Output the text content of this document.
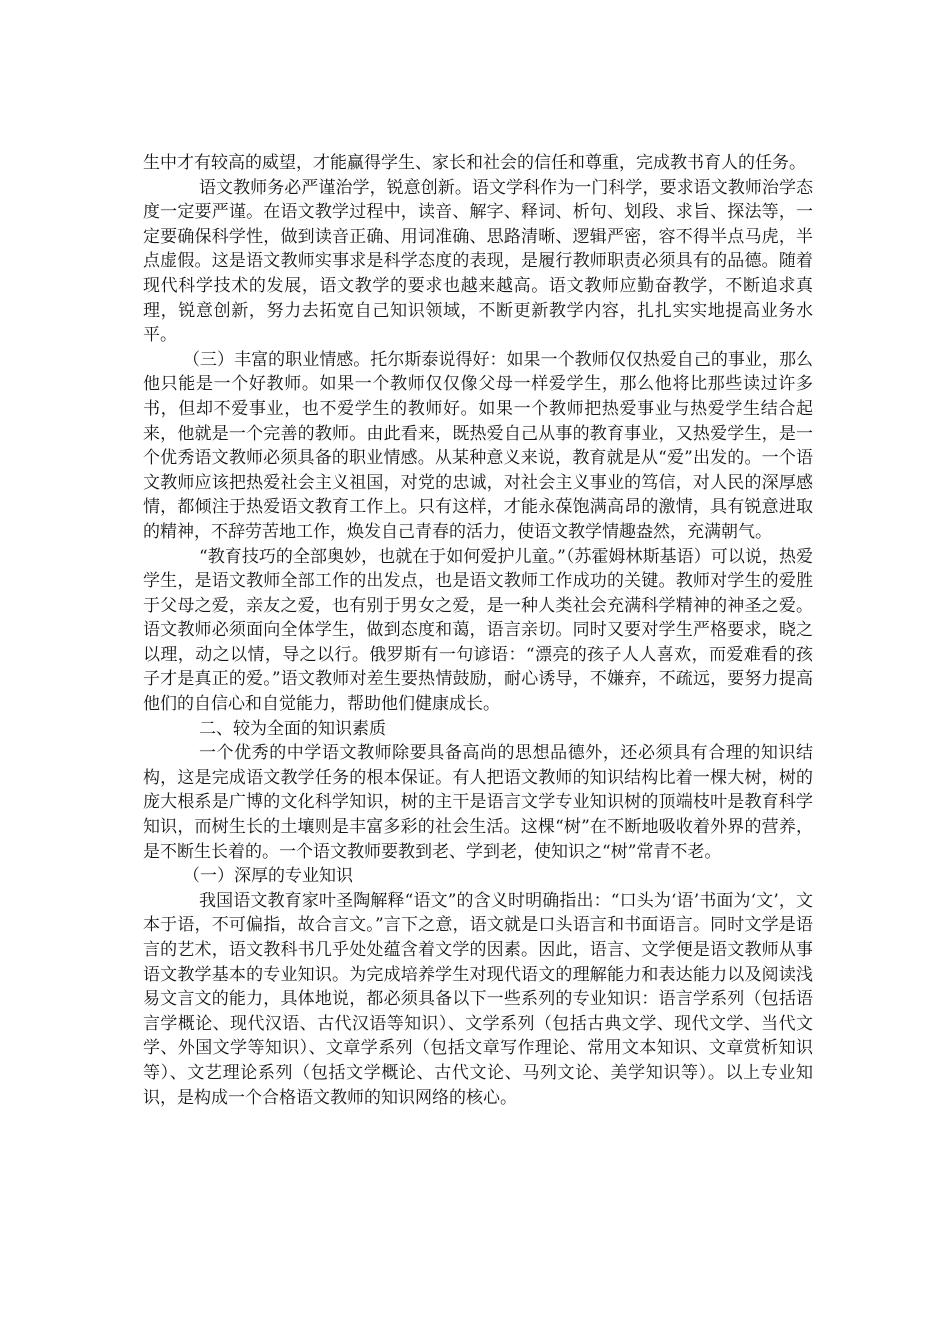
生中才有较高的威望，才能赢得学生、家长和社会的信任和尊重，完成教书育人的任务。

语文教师务必严谨治学，锐意创新。语文学科作为一门科学，要求语文教师治学态度一定要严谨。在语文教学过程中，读音、解字、释词、析句、划段、求旨、探法等，一定要确保科学性，做到读音正确、用词准确、思路清晰、逻辑严密，容不得半点马虎，半点虚假。这是语文教师实事求是科学态度的表现，是履行教师职责必须具有的品德。随着现代科学技术的发展，语文教学的要求也越来越高。语文教师应勤奋教学，不断追求真理，锐意创新，努力去拓宽自己知识领域，不断更新教学内容，扎扎实实地提高业务水平。

（三）丰富的职业情感。托尔斯泰说得好：如果一个教师仅仅热爱自己的事业，那么他只能是一个好教师。如果一个教师仅仅像父母一样爱学生，那么他将比那些读过许多书，但却不爱事业，也不爱学生的教师好。如果一个教师把热爱事业与热爱学生结合起来，他就是一个完善的教师。由此看来，既热爱自己从事的教育事业，又热爱学生，是一个优秀语文教师必须具备的职业情感。从某种意义来说，教育就是从“爱”出发的。一个语文教师应该把热爱社会主义祖国，对党的忠诚，对社会主义事业的笃信，对人民的深厚感情，都倾注于热爱语文教育工作上。只有这样，才能永葆饱满高昂的激情，具有锐意进取的精神，不辞劳苦地工作，焕发自己青春的活力，使语文教学情趣盎然，充满朝气。

“教育技巧的全部奥妙，也就在于如何爱护儿童。”（苏霍姆林斯基语）可以说，热爱学生，是语文教师全部工作的出发点，也是语文教师工作成功的关键。教师对学生的爱胜于父母之爱，亲友之爱，也有别于男女之爱，是一种人类社会充满科学精神的神圣之爱。语文教师必须面向全体学生，做到态度和蔼，语言亲切。同时又要对学生严格要求，晓之以理，动之以情，导之以行。俄罗斯有一句谚语：“漂亮的孩子人人喜欢，而爱难看的孩子才是真正的爱。”语文教师对差生要热情鼓励，耐心诱导，不嫌弃，不疏远，要努力提高他们的自信心和自觉能力，帮助他们健康成长。

二、较为全面的知识素质

一个优秀的中学语文教师除要具备高尚的思想品德外，还必须具有合理的知识结构，这是完成语文教学任务的根本保证。有人把语文教师的知识结构比着一棵大树，树的庞大根系是广博的文化科学知识，树的主干是语言文学专业知识树的顶端枝叶是教育科学知识，而树生长的土壤则是丰富多彩的社会生活。这棵“树”在不断地吸收着外界的营养，是不断生长着的。一个语文教师要教到老、学到老，使知识之“树”常青不老。

（一）深厚的专业知识

我国语文教育家叶圣陶解释“语文”的含义时明确指出：“口头为‘语’书面为‘文’，文本于语，不可偏指，故合言文。”言下之意，语文就是口头语言和书面语言。同时文学是语言的艺术，语文教科书几乎处处蕴含着文学的因素。因此，语言、文学便是语文教师从事语文教学基本的专业知识。为完成培养学生对现代语文的理解能力和表达能力以及阅读浅易文言文的能力，具体地说，都必须具备以下一些系列的专业知识：语言学系列（包括语言学概论、现代汉语、古代汉语等知识）、文学系列（包括古典文学、现代文学、当代文学、外国文学等知识）、文章学系列（包括文章写作理论、常用文本知识、文章赏析知识等）、文艺理论系列（包括文学概论、古代文论、马列文论、美学知识等）。以上专业知识，是构成一个合格语文教师的知识网络的核心。
